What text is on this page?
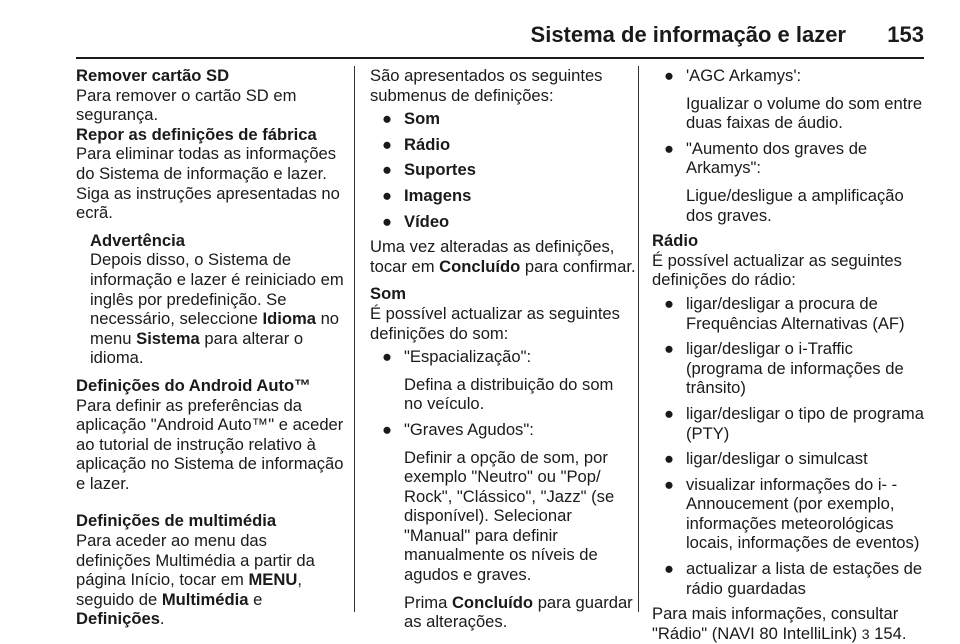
Sistema de informação e lazer 153

Remover cartão SD

Para remover o cartão SD em segurança.

Repor as definições de fábrica

Para eliminar todas as informações do Sistema de informação e lazer. Siga as instruções apresentadas no ecrã.

Advertência

Depois disso, o Sistema de informação e lazer é reiniciado em inglês por predefinição. Se necessário, seleccione Idioma no menu Sistema para alterar o idioma.

Definições do Android Auto™

Para definir as preferências da aplicação "Android Auto™" e aceder ao tutorial de instrução relativo à aplicação no Sistema de informação e lazer.

Definições de multimédia

Para aceder ao menu das definições Multimédia a partir da página Início, tocar em MENU, seguido de Multimédia e Definições.

São apresentados os seguintes submenus de definições:

● Som
● Rádio
● Suportes
● Imagens
● Vídeo

Uma vez alteradas as definições, tocar em Concluído para confirmar.

Som

É possível actualizar as seguintes definições do som:

● "Espacialização":

Defina a distribuição do som no veículo.

● "Graves Agudos":

Definir a opção de som, por exemplo "Neutro" ou "Pop/ Rock", "Clássico", "Jazz" (se disponível). Selecionar "Manual" para definir manualmente os níveis de agudos e graves.

Prima Concluído para guardar as alterações.

● 'AGC Arkamys':

Igualizar o volume do som entre duas faixas de áudio.

● "Aumento dos graves de Arkamys":

Ligue/desligue a amplificação dos graves.

Rádio

É possível actualizar as seguintes definições do rádio:

● ligar/desligar a procura de Frequências Alternativas (AF)
● ligar/desligar o i-Traffic (programa de informações de trânsito)
● ligar/desligar o tipo de programa (PTY)
● ligar/desligar o simulcast
● visualizar informações do i- -Annoucement (por exemplo, informações meteorológicas locais, informações de eventos)
● actualizar a lista de estações de rádio guardadas

Para mais informações, consultar "Rádio" (NAVI 80 IntelliLink) 3 154.
